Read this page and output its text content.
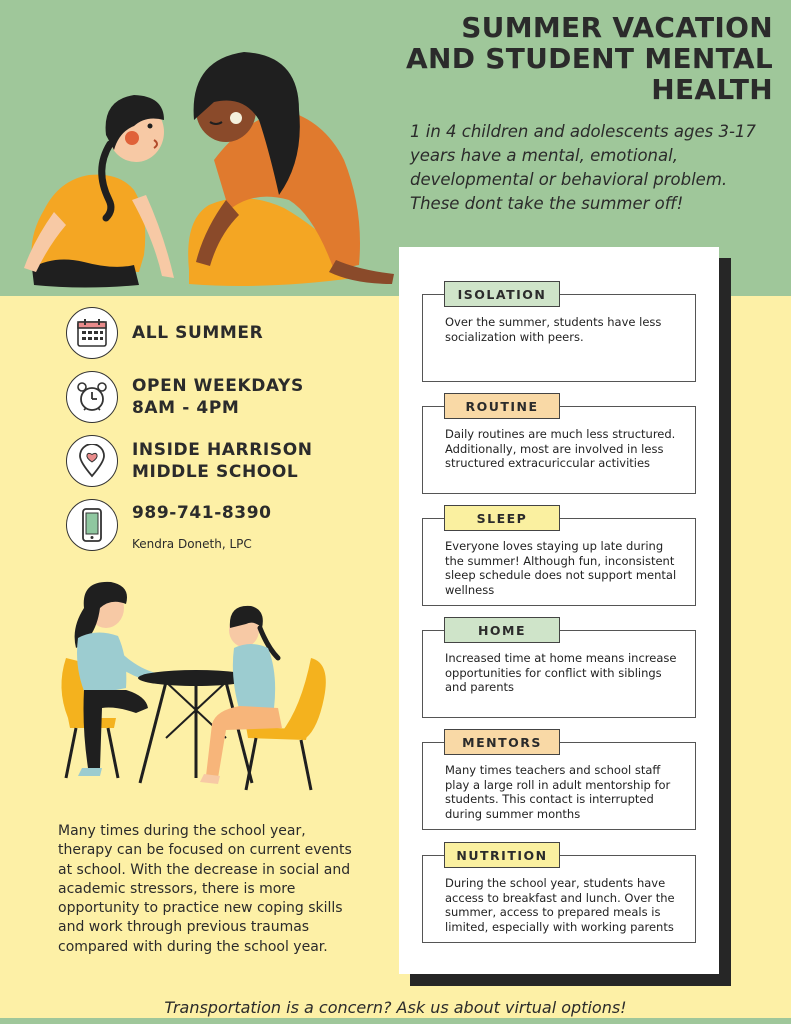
SUMMER VACATION
AND STUDENT MENTAL
HEALTH

1 in 4 children and adolescents ages 3-17 years have a mental, emotional, developmental or behavioral problem. These dont take the summer off!

ALL SUMMER
OPEN WEEKDAYS
8AM - 4PM
INSIDE HARRISON
MIDDLE SCHOOL
989-741-8390
Kendra Doneth, LPC

Many times during the school year, therapy can be focused on current events at school. With the decrease in social and academic stressors, there is more opportunity to practice new coping skills and work through previous traumas compared with during the school year.

Transportation is a concern? Ask us about virtual options!

Over the summer, students have less socialization with peers.
ISOLATION
Daily routines are much less structured. Additionally, most are involved in less structured extracuriccular activities
ROUTINE
Everyone loves staying up late during the summer! Although fun, inconsistent sleep schedule does not support mental wellness
SLEEP
Increased time at home means increase opportunities for conflict with siblings and parents
HOME
Many times teachers and school staff play a large roll in adult mentorship for students. This contact is interrupted during summer months
MENTORS
During the school year, students have access to breakfast and lunch. Over the summer, access to prepared meals is limited, especially with working parents
NUTRITION
